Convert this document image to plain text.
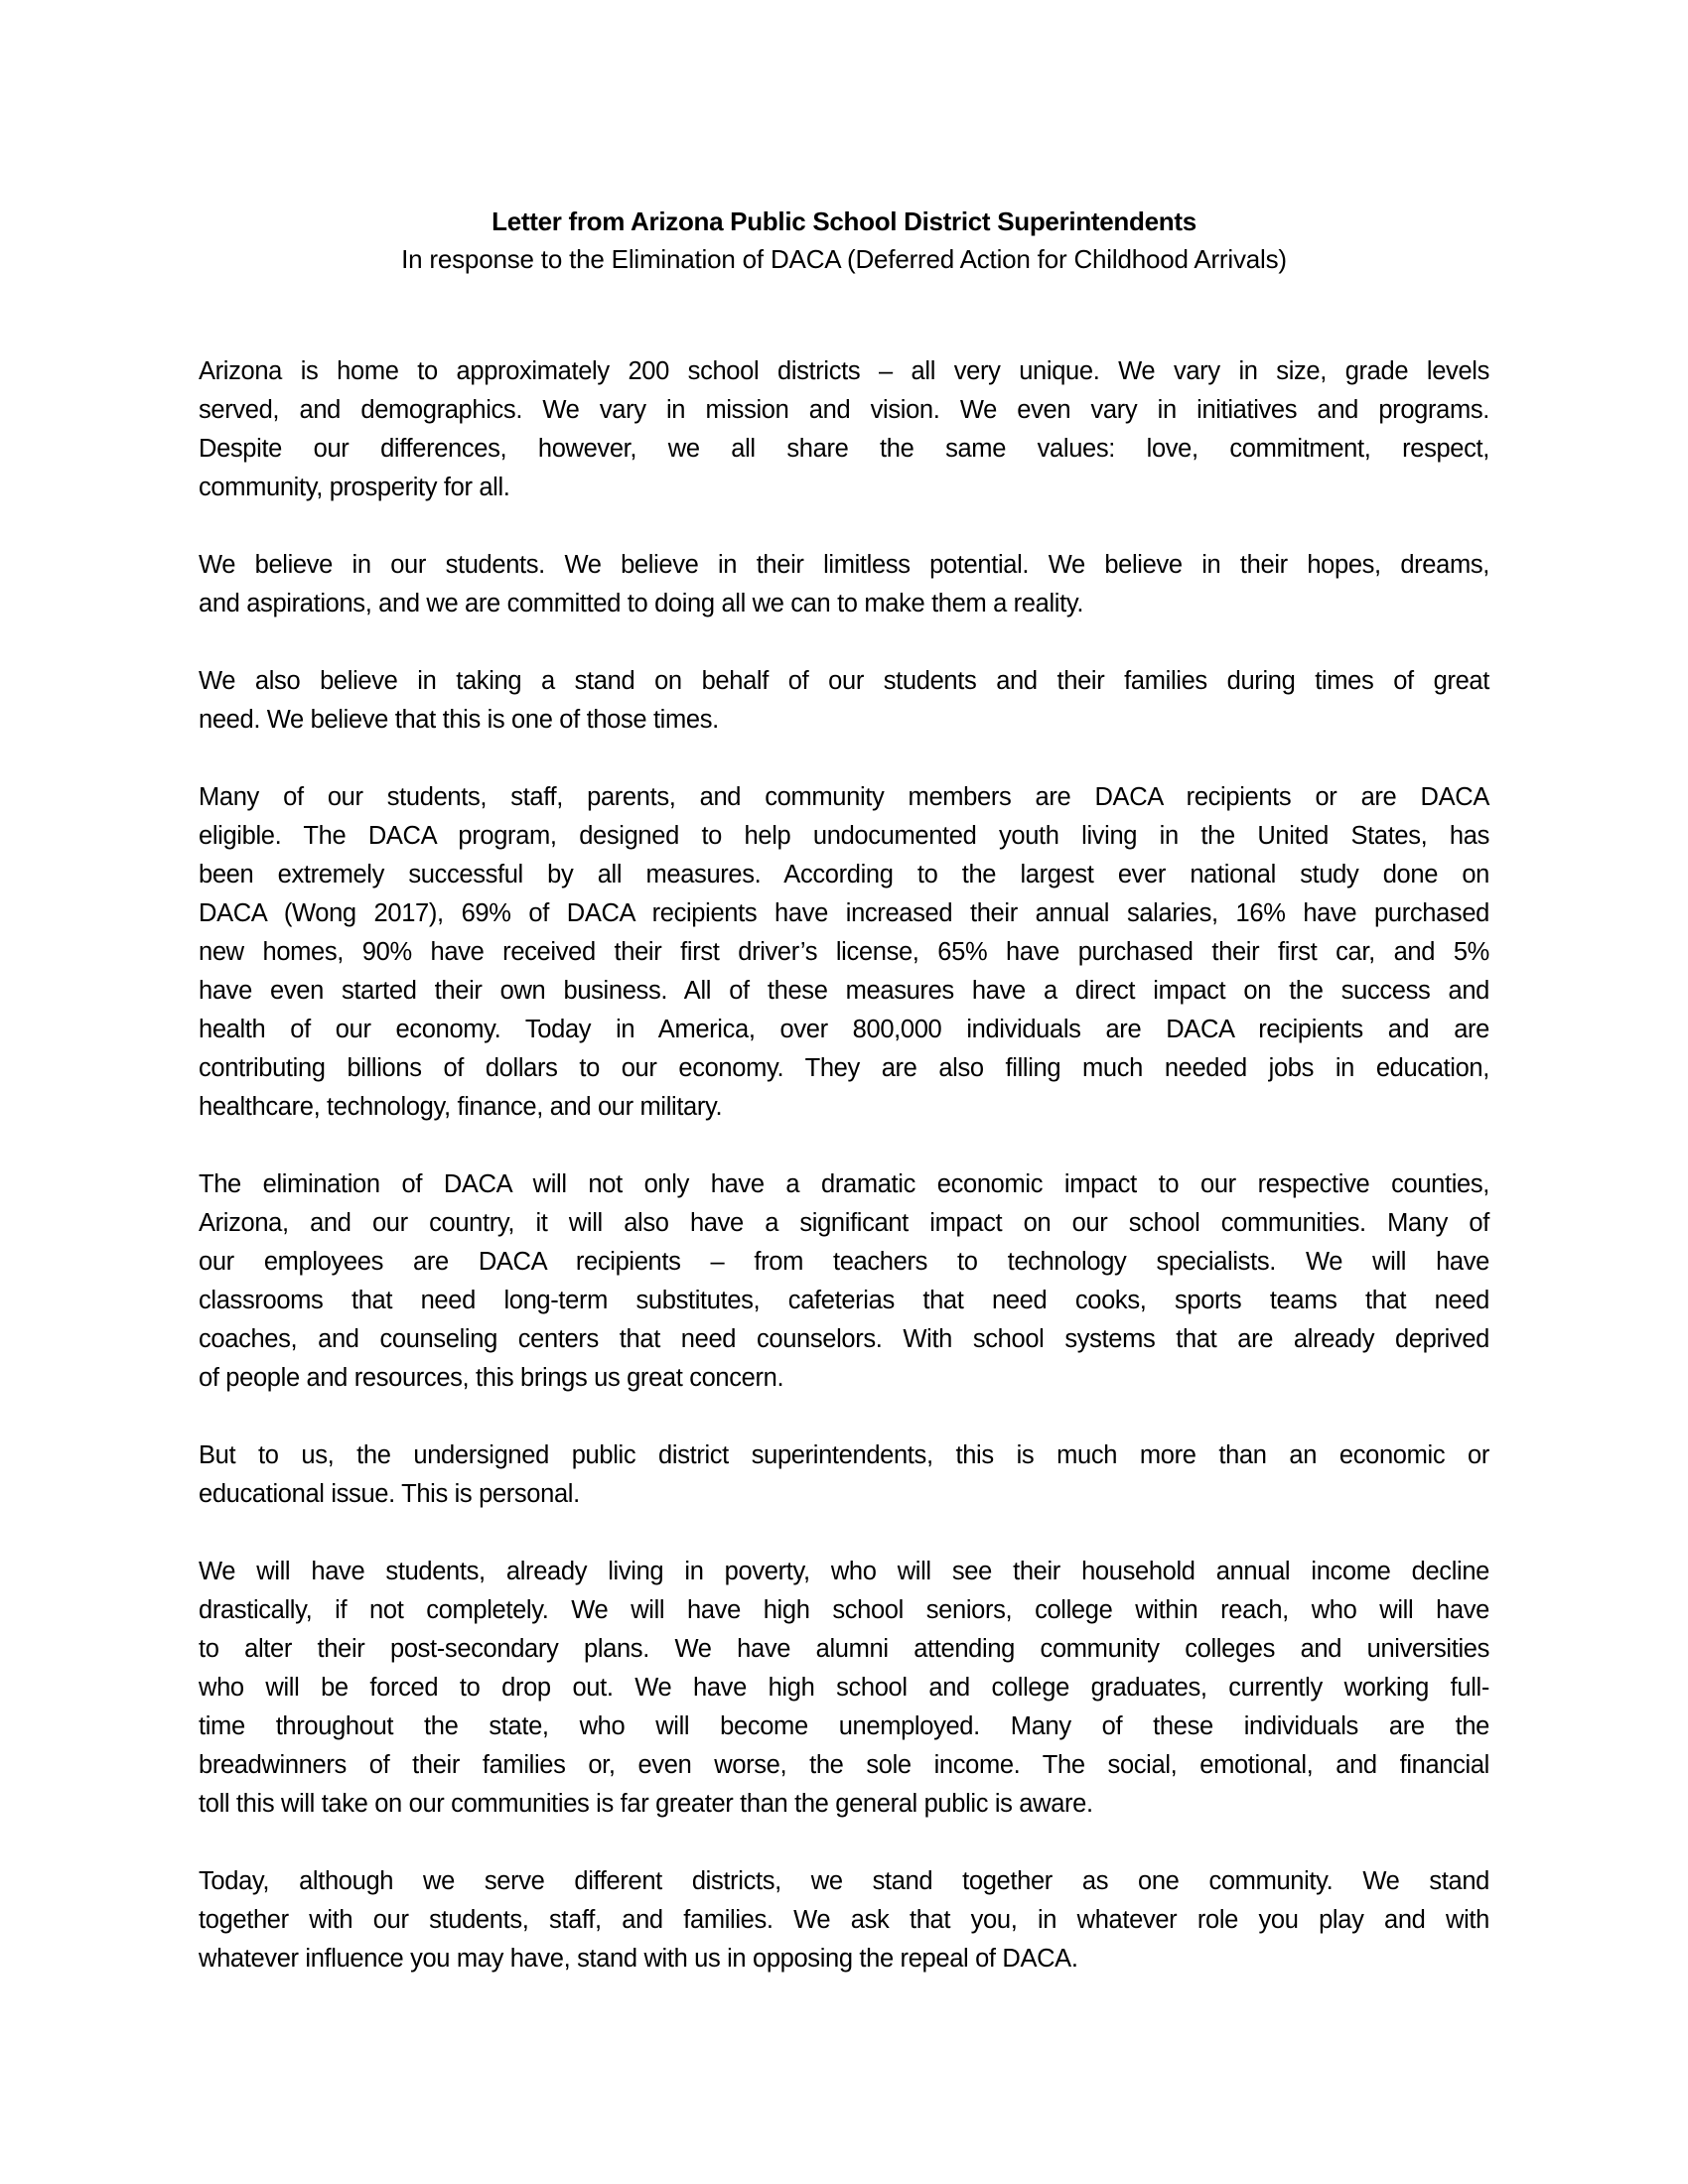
Letter from Arizona Public School District Superintendents
In response to the Elimination of DACA (Deferred Action for Childhood Arrivals)
Arizona is home to approximately 200 school districts – all very unique. We vary in size, grade levels
served, and demographics. We vary in mission and vision. We even vary in initiatives and programs.
Despite our differences, however, we all share the same values: love, commitment, respect,
community, prosperity for all.
We believe in our students. We believe in their limitless potential. We believe in their hopes, dreams,
and aspirations, and we are committed to doing all we can to make them a reality.
We also believe in taking a stand on behalf of our students and their families during times of great
need. We believe that this is one of those times.
Many of our students, staff, parents, and community members are DACA recipients or are DACA
eligible. The DACA program, designed to help undocumented youth living in the United States, has
been extremely successful by all measures. According to the largest ever national study done on
DACA (Wong 2017), 69% of DACA recipients have increased their annual salaries, 16% have purchased
new homes, 90% have received their first driver’s license, 65% have purchased their first car, and 5%
have even started their own business. All of these measures have a direct impact on the success and
health of our economy. Today in America, over 800,000 individuals are DACA recipients and are
contributing billions of dollars to our economy. They are also filling much needed jobs in education,
healthcare, technology, finance, and our military.
The elimination of DACA will not only have a dramatic economic impact to our respective counties,
Arizona, and our country, it will also have a significant impact on our school communities. Many of
our employees are DACA recipients – from teachers to technology specialists. We will have
classrooms that need long-term substitutes, cafeterias that need cooks, sports teams that need
coaches, and counseling centers that need counselors. With school systems that are already deprived
of people and resources, this brings us great concern.
But to us, the undersigned public district superintendents, this is much more than an economic or
educational issue. This is personal.
We will have students, already living in poverty, who will see their household annual income decline
drastically, if not completely. We will have high school seniors, college within reach, who will have
to alter their post-secondary plans. We have alumni attending community colleges and universities
who will be forced to drop out. We have high school and college graduates, currently working full-
time throughout the state, who will become unemployed. Many of these individuals are the
breadwinners of their families or, even worse, the sole income. The social, emotional, and financial
toll this will take on our communities is far greater than the general public is aware.
Today, although we serve different districts, we stand together as one community. We stand
together with our students, staff, and families. We ask that you, in whatever role you play and with
whatever influence you may have, stand with us in opposing the repeal of DACA.
